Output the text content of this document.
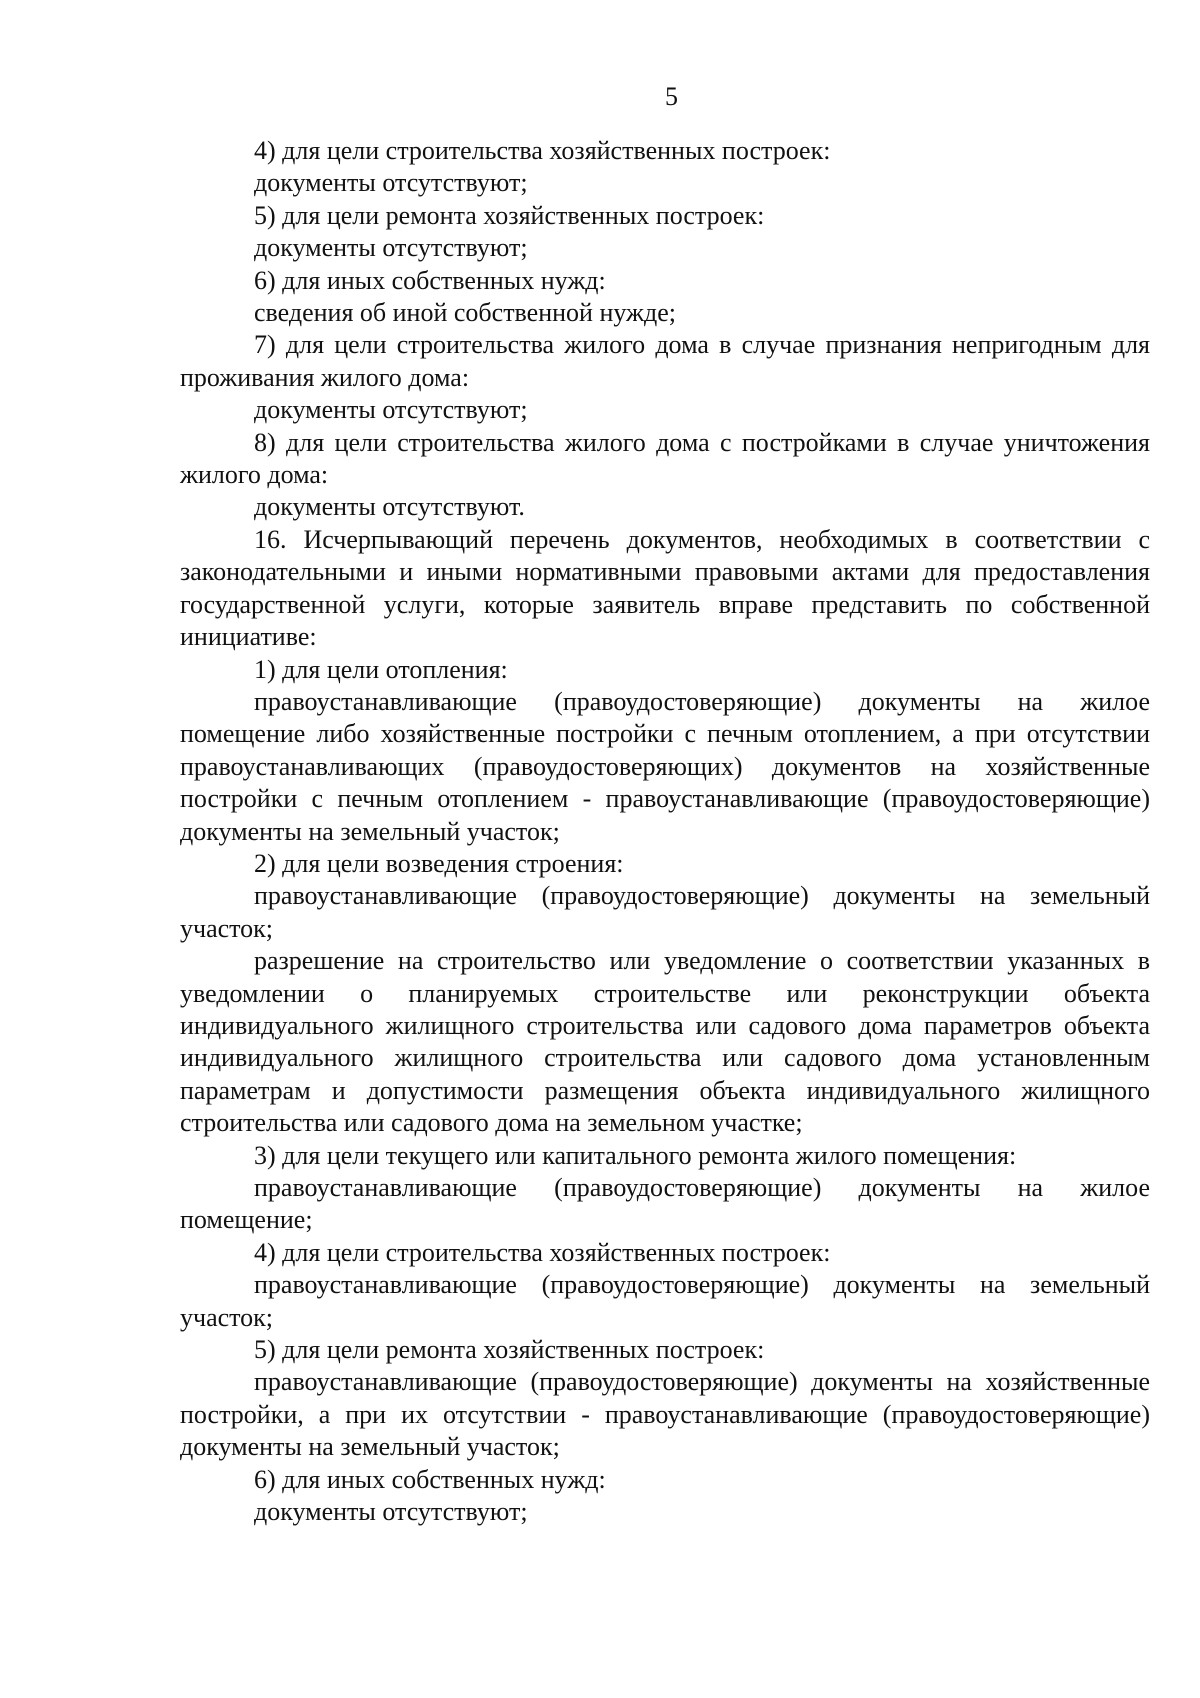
5

4) для цели строительства хозяйственных построек:

документы отсутствуют;

5) для цели ремонта хозяйственных построек:

документы отсутствуют;

6) для иных собственных нужд:

сведения об иной собственной нужде;

7) для цели строительства жилого дома в случае признания непригодным для проживания жилого дома:

документы отсутствуют;

8) для цели строительства жилого дома с постройками в случае уничтожения жилого дома:

документы отсутствуют.

16. Исчерпывающий перечень документов, необходимых в соответствии с законодательными и иными нормативными правовыми актами для предоставления государственной услуги, которые заявитель вправе представить по собственной инициативе:

1) для цели отопления:

правоустанавливающие (правоудостоверяющие) документы на жилое помещение либо хозяйственные постройки с печным отоплением, а при отсутствии правоустанавливающих (правоудостоверяющих) документов на хозяйственные постройки с печным отоплением - правоустанавливающие (правоудостоверяющие) документы на земельный участок;

2) для цели возведения строения:

правоустанавливающие (правоудостоверяющие) документы на земельный участок;

разрешение на строительство или уведомление о соответствии указанных в уведомлении о планируемых строительстве или реконструкции объекта индивидуального жилищного строительства или садового дома параметров объекта индивидуального жилищного строительства или садового дома установленным параметрам и допустимости размещения объекта индивидуального жилищного строительства или садового дома на земельном участке;

3) для цели текущего или капитального ремонта жилого помещения:

правоустанавливающие (правоудостоверяющие) документы на жилое помещение;

4) для цели строительства хозяйственных построек:

правоустанавливающие (правоудостоверяющие) документы на земельный участок;

5) для цели ремонта хозяйственных построек:

правоустанавливающие (правоудостоверяющие) документы на хозяйственные постройки, а при их отсутствии - правоустанавливающие (правоудостоверяющие) документы на земельный участок;

6) для иных собственных нужд:

документы отсутствуют;
